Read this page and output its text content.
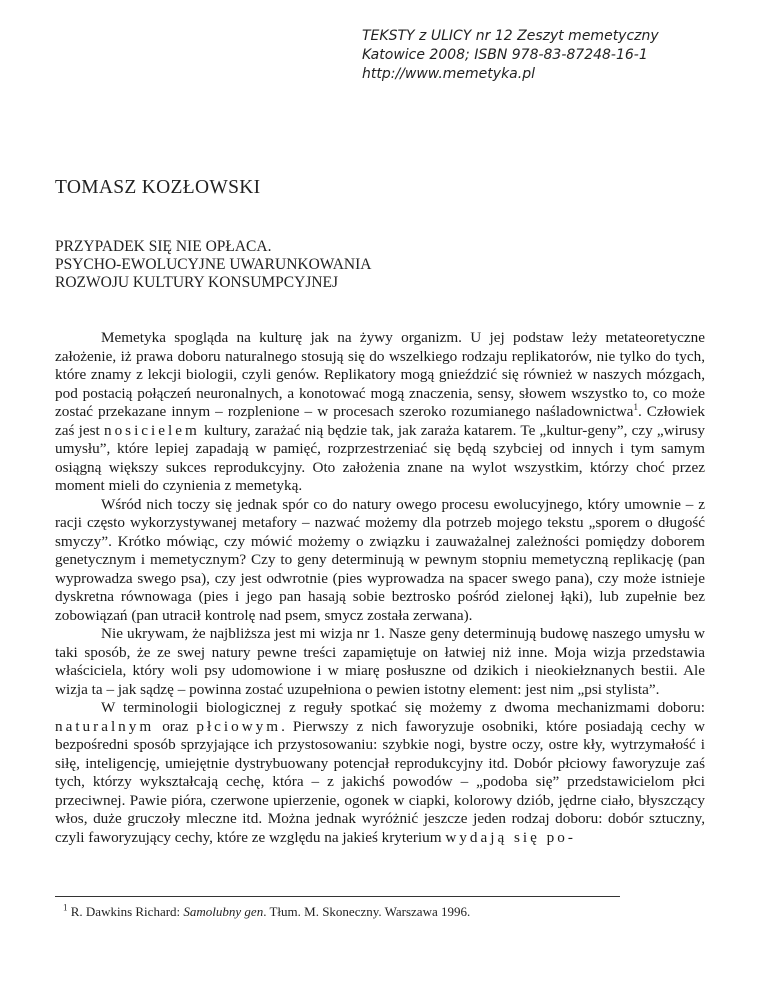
TEKSTY z ULICY nr 12 Zeszyt memetyczny
Katowice 2008; ISBN 978-83-87248-16-1
http://www.memetyka.pl
TOMASZ KOZŁOWSKI
PRZYPADEK SIĘ NIE OPŁACA.
PSYCHO-EWOLUCYJNE UWARUNKOWANIA
ROZWOJU KULTURY KONSUMPCYJNEJ

Memetyka spogląda na kulturę jak na żywy organizm. U jej podstaw leży metateoretyczne założenie, iż prawa doboru naturalnego stosują się do wszelkiego rodzaju replikatorów, nie tylko do tych, które znamy z lekcji biologii, czyli genów. Replikatory mogą gnieździć się również w naszych mózgach, pod postacią połączeń neuronalnych, a konotować mogą znaczenia, sensy, słowem wszystko to, co może zostać przekazane innym – rozplenione – w procesach szeroko rozumianego naśladownictwa$^1$. Człowiek zaś jest nosicielem kultury, zarażać nią będzie tak, jak zaraża katarem. Te „kultur-geny”, czy „wirusy umysłu”, które lepiej zapadają w pamięć, rozprzestrzeniać się będą szybciej od innych i tym samym osiągną większy sukces reprodukcyjny. Oto założenia znane na wylot wszystkim, którzy choć przez moment mieli do czynienia z memetyką.

Wśród nich toczy się jednak spór co do natury owego procesu ewolucyjnego, który umownie – z racji często wykorzystywanej metafory – nazwać możemy dla potrzeb mojego tekstu „sporem o długość smyczy”. Krótko mówiąc, czy mówić możemy o związku i zauważalnej zależności pomiędzy doborem genetycznym i memetycznym? Czy to geny determinują w pewnym stopniu memetyczną replikację (pan wyprowadza swego psa), czy jest odwrotnie (pies wyprowadza na spacer swego pana), czy może istnieje dyskretna równowaga (pies i jego pan hasają sobie beztrosko pośród zielonej łąki), lub zupełnie bez zobowiązań (pan utracił kontrolę nad psem, smycz została zerwana).

Nie ukrywam, że najbliższa jest mi wizja nr 1. Nasze geny determinują budowę naszego umysłu w taki sposób, że ze swej natury pewne treści zapamiętuje on łatwiej niż inne. Moja wizja przedstawia właściciela, który woli psy udomowione i w miarę posłuszne od dzikich i nieokiełznanych bestii. Ale wizja ta – jak sądzę – powinna zostać uzupełniona o pewien istotny element: jest nim „psi stylista”.

W terminologii biologicznej z reguły spotkać się możemy z dwoma mechanizmami doboru: naturalnym oraz płciowym. Pierwszy z nich faworyzuje osobniki, które posiadają cechy w bezpośredni sposób sprzyjające ich przystosowaniu: szybkie nogi, bystre oczy, ostre kły, wytrzymałość i siłę, inteligencję, umiejętnie dystrybuowany potencjał reprodukcyjny itd. Dobór płciowy faworyzuje zaś tych, którzy wykształcają cechę, która – z jakichś powodów – „podoba się” przedstawicielom płci przeciwnej. Pawie pióra, czerwone upierzenie, ogonek w ciapki, kolorowy dziób, jędrne ciało, błyszczący włos, duże gruczoły mleczne itd. Można jednak wyróżnić jeszcze jeden rodzaj doboru: dobór sztuczny, czyli faworyzujący cechy, które ze względu na jakieś kryterium wydają się po-

$^1$ R. Dawkins Richard: Samolubny gen. Tłum. M. Skoneczny. Warszawa 1996.
